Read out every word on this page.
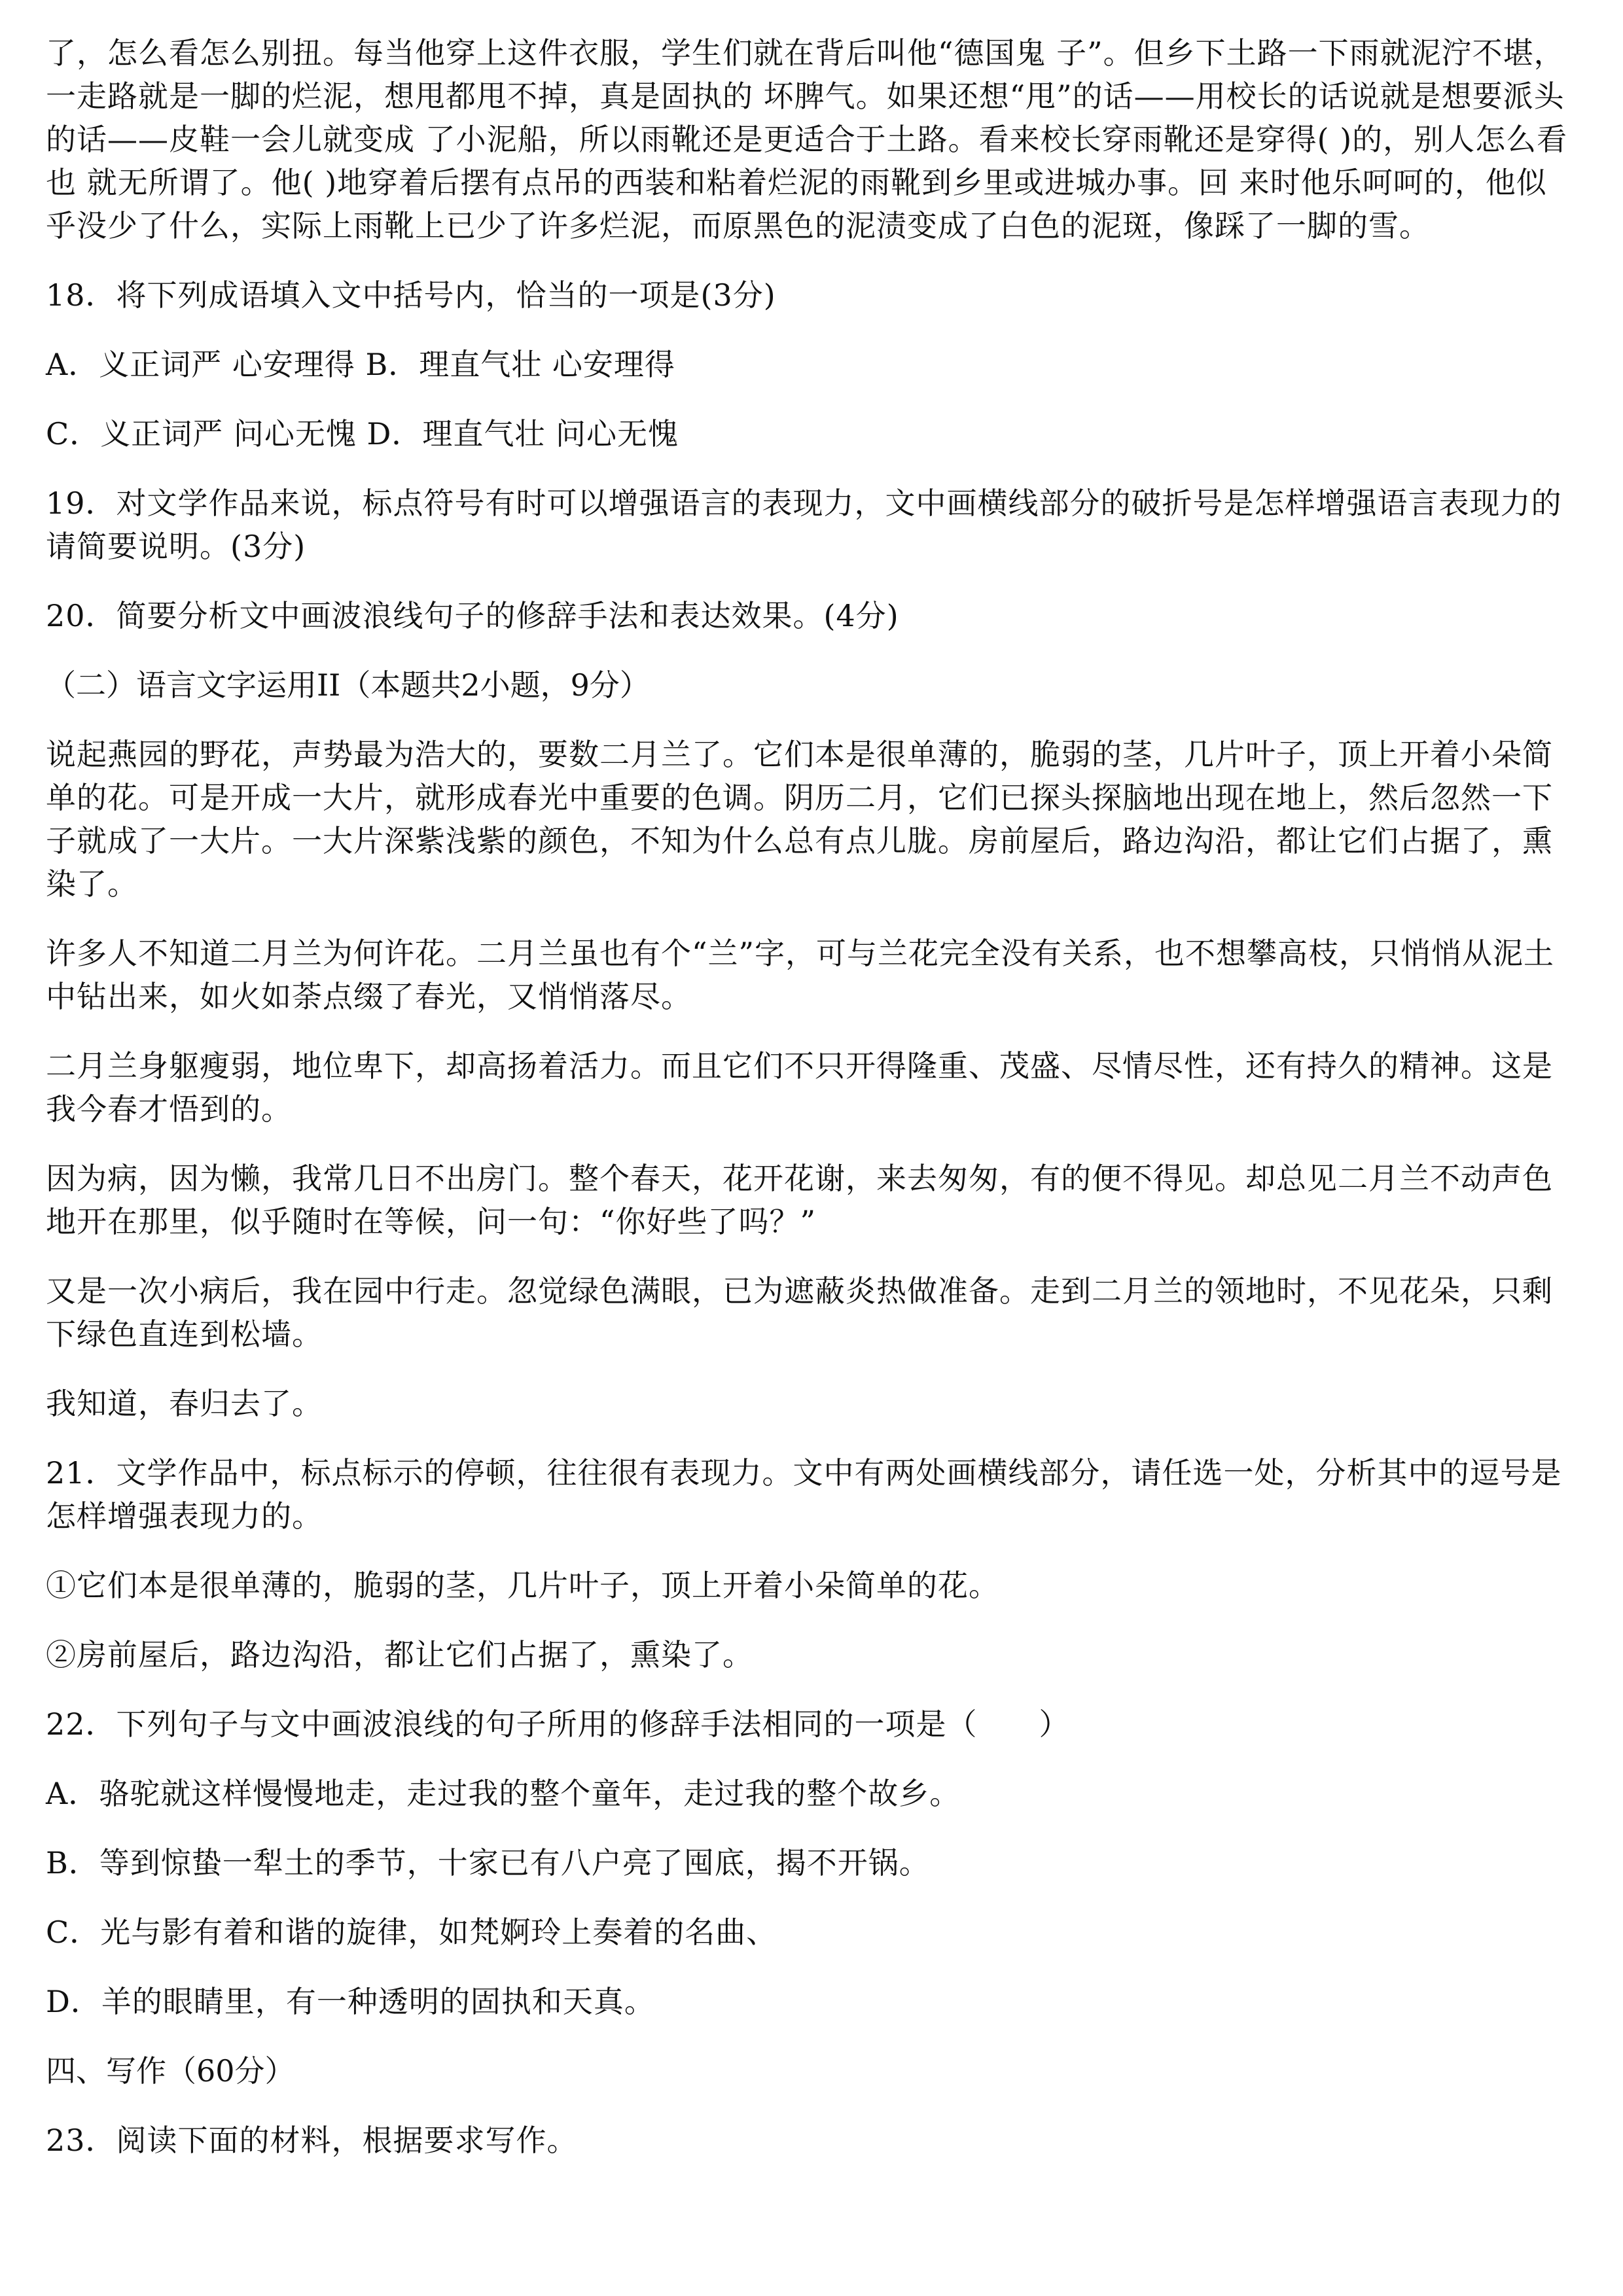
了，怎么看怎么别扭。每当他穿上这件衣服，学生们就在背后叫他“德国鬼 子”。但乡下土路一下雨就泥泞不堪，一走路就是一脚的烂泥，想甩都甩不掉，真是固执的 坏脾气。如果还想“甩”的话——用校长的话说就是想要派头的话——皮鞋一会儿就变成 了小泥船，所以雨靴还是更适合于土路。看来校长穿雨靴还是穿得( )的，别人怎么看也 就无所谓了。他( )地穿着后摆有点吊的西装和粘着烂泥的雨靴到乡里或进城办事。回 来时他乐呵呵的，他似乎没少了什么，实际上雨靴上已少了许多烂泥，而原黑色的泥渍变成了白色的泥斑，像踩了一脚的雪。

18．将下列成语填入文中括号内，恰当的一项是(3分)

A．义正词严 心安理得 B．理直气壮 心安理得

C．义正词严 问心无愧 D．理直气壮 问心无愧

19．对文学作品来说，标点符号有时可以增强语言的表现力，文中画横线部分的破折号是怎样增强语言表现力的 请简要说明。(3分)

20．简要分析文中画波浪线句子的修辞手法和表达效果。(4分)

（二）语言文字运用II（本题共2小题，9分）

说起燕园的野花，声势最为浩大的，要数二月兰了。它们本是很单薄的，脆弱的茎，几片叶子，顶上开着小朵简单的花。可是开成一大片，就形成春光中重要的色调。阴历二月，它们已探头探脑地出现在地上，然后忽然一下子就成了一大片。一大片深紫浅紫的颜色，不知为什么总有点儿胧。房前屋后，路边沟沿，都让它们占据了，熏染了。

许多人不知道二月兰为何许花。二月兰虽也有个“兰”字，可与兰花完全没有关系，也不想攀高枝，只悄悄从泥土中钻出来，如火如荼点缀了春光，又悄悄落尽。

二月兰身躯瘦弱，地位卑下，却高扬着活力。而且它们不只开得隆重、茂盛、尽情尽性，还有持久的精神。这是我今春才悟到的。

因为病，因为懒，我常几日不出房门。整个春天，花开花谢，来去匆匆，有的便不得见。却总见二月兰不动声色地开在那里，似乎随时在等候，问一句：“你好些了吗？”

又是一次小病后，我在园中行走。忽觉绿色满眼，已为遮蔽炎热做准备。走到二月兰的领地时，不见花朵，只剩下绿色直连到松墙。

我知道，春归去了。

21．文学作品中，标点标示的停顿，往往很有表现力。文中有两处画横线部分，请任选一处，分析其中的逗号是怎样增强表现力的。

①它们本是很单薄的，脆弱的茎，几片叶子，顶上开着小朵简单的花。

②房前屋后，路边沟沿，都让它们占据了，熏染了。

22．下列句子与文中画波浪线的句子所用的修辞手法相同的一项是（　　）

A．骆驼就这样慢慢地走，走过我的整个童年，走过我的整个故乡。

B．等到惊蛰一犁土的季节，十家已有八户亮了囤底，揭不开锅。

C．光与影有着和谐的旋律，如梵婀玲上奏着的名曲、

D．羊的眼睛里，有一种透明的固执和天真。

四、写作（60分）

23．阅读下面的材料，根据要求写作。
